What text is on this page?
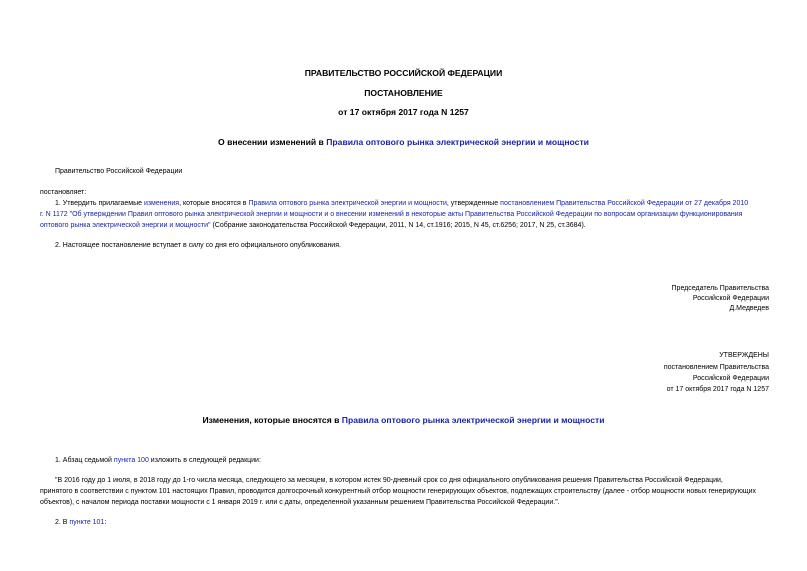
ПРАВИТЕЛЬСТВО РОССИЙСКОЙ ФЕДЕРАЦИИ
ПОСТАНОВЛЕНИЕ
от 17 октября 2017 года N 1257
О внесении изменений в Правила оптового рынка электрической энергии и мощности
Правительство Российской Федерации
постановляет:
1. Утвердить прилагаемые изменения, которые вносятся в Правила оптового рынка электрической энергии и мощности, утвержденные постановлением Правительства Российской Федерации от 27 декабря 2010
г. N 1172 "Об утверждении Правил оптового рынка электрической энергии и мощности и о внесении изменений в некоторые акты Правительства Российской Федерации по вопросам организации функционирования
оптового рынка электрической энергии и мощности" (Собрание законодательства Российской Федерации, 2011, N 14, ст.1916; 2015, N 45, ст.6256; 2017, N 25, ст.3684).
2. Настоящее постановление вступает в силу со дня его официального опубликования.
Председатель Правительства
Российской Федерации
Д.Медведев
УТВЕРЖДЕНЫ
постановлением Правительства
Российской Федерации
от 17 октября 2017 года N 1257
Изменения, которые вносятся в Правила оптового рынка электрической энергии и мощности
1. Абзац седьмой пункта 100 изложить в следующей редакции:
"В 2016 году до 1 июля, в 2018 году до 1-го числа месяца, следующего за месяцем, в котором истек 90-дневный срок со дня официального опубликования решения Правительства Российской Федерации,
принятого в соответствии с пунктом 101 настоящих Правил, проводится долгосрочный конкурентный отбор мощности генерирующих объектов, подлежащих строительству (далее - отбор мощности новых генерирующих
объектов), с началом периода поставки мощности с 1 января 2019 г. или с даты, определенной указанным решением Правительства Российской Федерации.".
2. В пункте 101:
